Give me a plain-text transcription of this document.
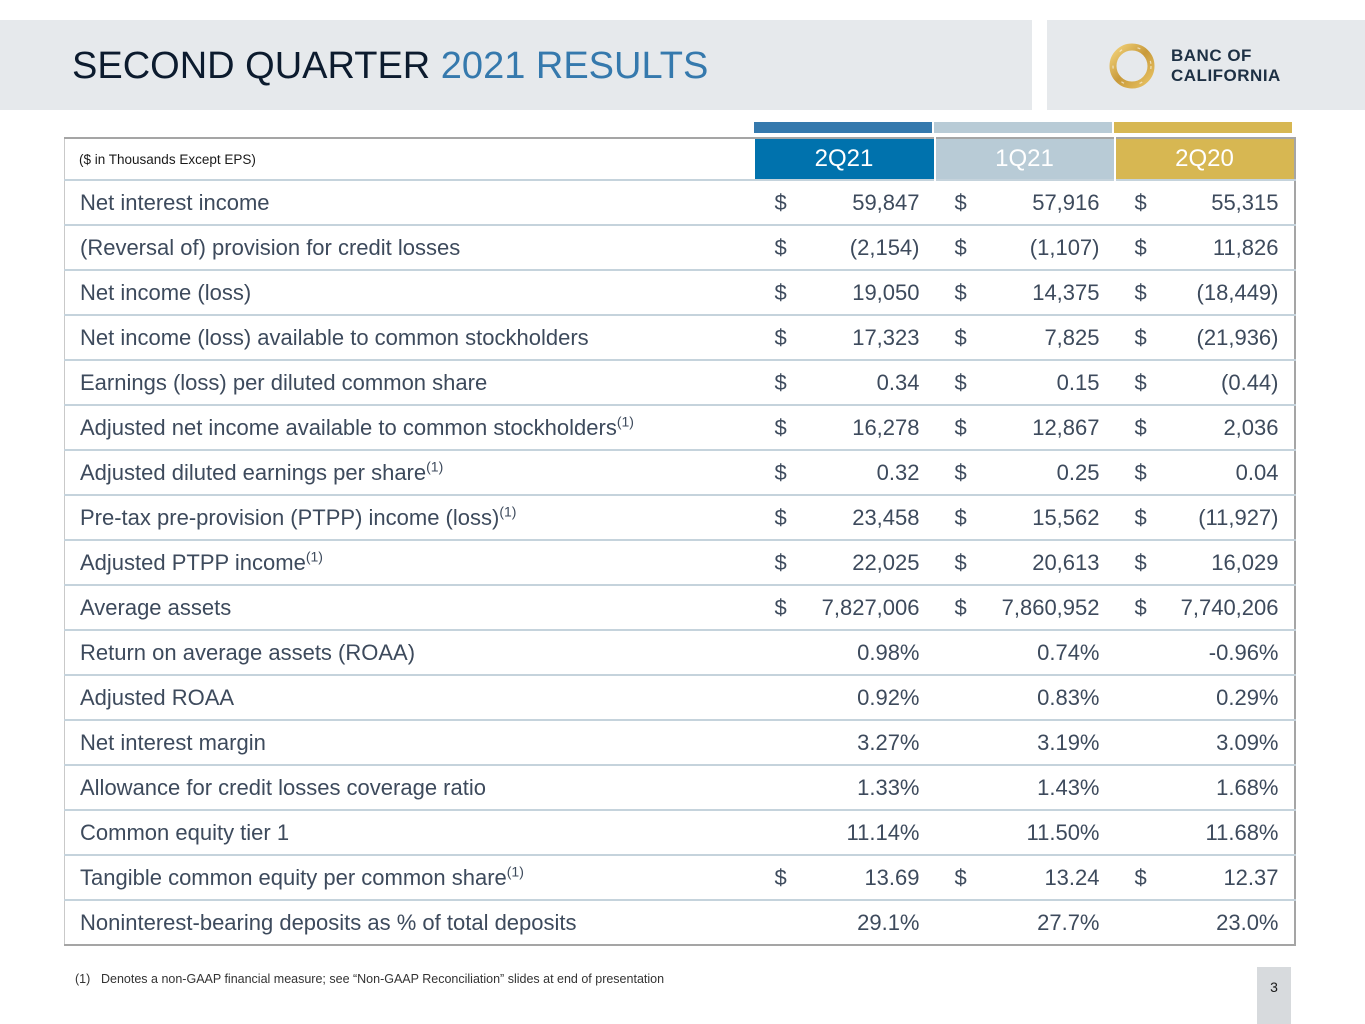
SECOND QUARTER 2021 RESULTS	BANC OF
CALIFORNIA
($ in Thousands Except EPS)	2Q21	1Q21	2Q20
Net interest income	$ 59,847	$ 57,916	$ 55,315

(Reversal of) provision for credit losses	$ (2,154)	$ (1,107)	$ 11,826

Net income (loss)	$ 19,050	$ 14,375	$ (18,449)

Net income (loss) available to common stockholders	$ 17,323	$ 7,825	$ (21,936)

Earnings (loss) per diluted common share	$ 0.34	$ 0.15	$ (0.44)

Adjusted net income available to common stockholders$^{(1)}$	$ 16,278	$ 12,867	$ 2,036

Adjusted diluted earnings per share$^{(1)}$	$ 0.32	$ 0.25	$ 0.04

Pre-tax pre-provision (PTPP) income (loss)$^{(1)}$	$ 23,458	$ 15,562	$ (11,927)

Adjusted PTPP income$^{(1)}$	$ 22,025	$ 20,613	$ 16,029

Average assets	$ 7,827,006	$ 7,860,952	$ 7,740,206

Return on average assets (ROAA)	0.98%	0.74%	-0.96%

Adjusted ROAA	0.92%	0.83%	0.29%

Net interest margin	3.27%	3.19%	3.09%

Allowance for credit losses coverage ratio	1.33%	1.43%	1.68%

Common equity tier 1	11.14%	11.50%	11.68%

Tangible common equity per common share$^{(1)}$	$ 13.69	$ 13.24	$ 12.37

Noninterest-bearing deposits as % of total deposits	29.1%	27.7%	23.0%
(1) Denotes a non-GAAP financial measure; see “Non-GAAP Reconciliation” slides at end of presentation	3
